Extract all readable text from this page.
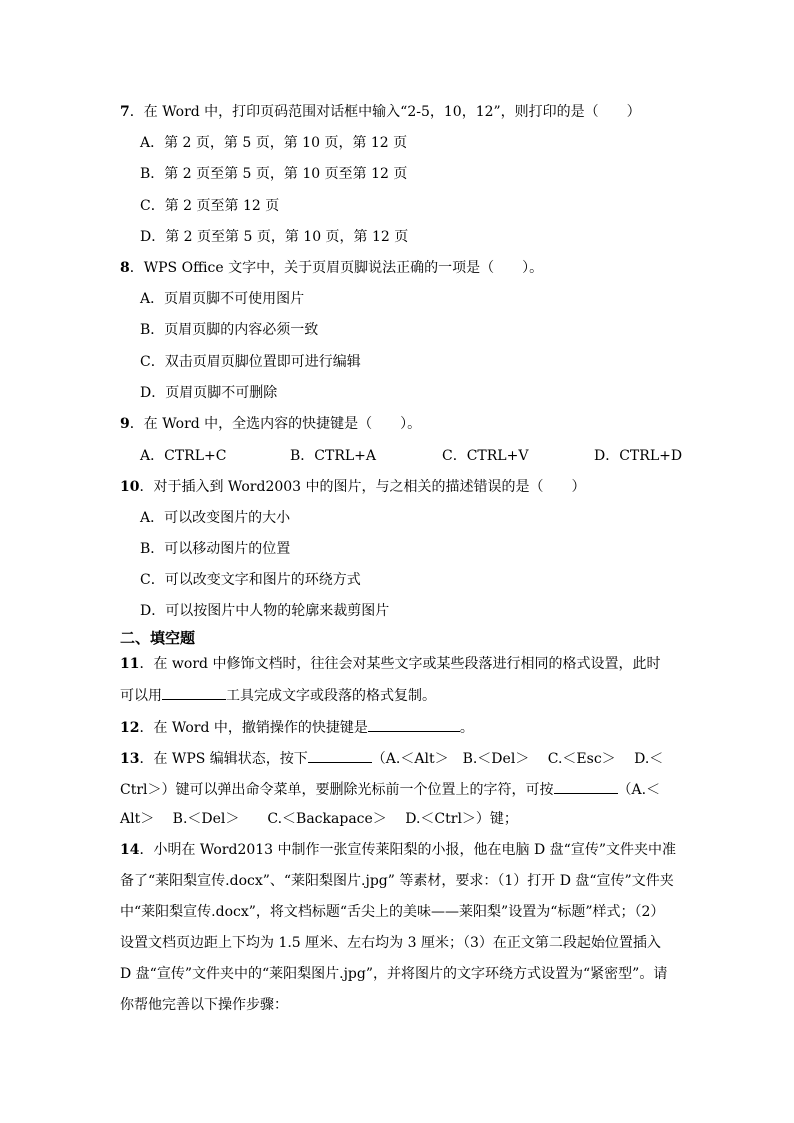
7．在 Word 中，打印页码范围对话框中输入“2-5，10，12”，则打印的是（　　）
A．第 2 页，第 5 页，第 10 页，第 12 页
B．第 2 页至第 5 页，第 10 页至第 12 页
C．第 2 页至第 12 页
D．第 2 页至第 5 页，第 10 页，第 12 页
8．WPS Office 文字中，关于页眉页脚说法正确的一项是（　　）。
A．页眉页脚不可使用图片
B．页眉页脚的内容必须一致
C．双击页眉页脚位置即可进行编辑
D．页眉页脚不可删除
9．在 Word 中，全选内容的快捷键是（　　）。
A．CTRL+C	B．CTRL+A	C．CTRL+V	D．CTRL+D
10．对于插入到 Word2003 中的图片，与之相关的描述错误的是（　　）
A．可以改变图片的大小
B．可以移动图片的位置
C．可以改变文字和图片的环绕方式
D．可以按图片中人物的轮廓来裁剪图片
二、填空题
11．在 word 中修饰文档时，往往会对某些文字或某些段落进行相同的格式设置，此时
可以用	工具完成文字或段落的格式复制。
12．在 Word 中，撤销操作的快捷键是	。
13．在 WPS 编辑状态，按下	（A.＜Alt＞　B.＜Del＞　 C.＜Esc＞　 D.＜
Ctrl＞）键可以弹出命令菜单，要删除光标前一个位置上的字符，可按	（A.＜
Alt＞　 B.＜Del＞　　C.＜Backapace＞　 D.＜Ctrl＞）键；
14．小明在 Word2013 中制作一张宣传莱阳梨的小报，他在电脑 D 盘“宣传”文件夹中准
备了“莱阳梨宣传.docx”、“莱阳梨图片.jpg” 等素材，要求：（1）打开 D 盘“宣传”文件夹
中“莱阳梨宣传.docx”，将文档标题“舌尖上的美味——莱阳梨”设置为“标题”样式；（2）
设置文档页边距上下均为 1.5 厘米、左右均为 3 厘米；（3）在正文第二段起始位置插入
D 盘“宣传”文件夹中的“莱阳梨图片.jpg”，并将图片的文字环绕方式设置为“紧密型”。请
你帮他完善以下操作步骤：
